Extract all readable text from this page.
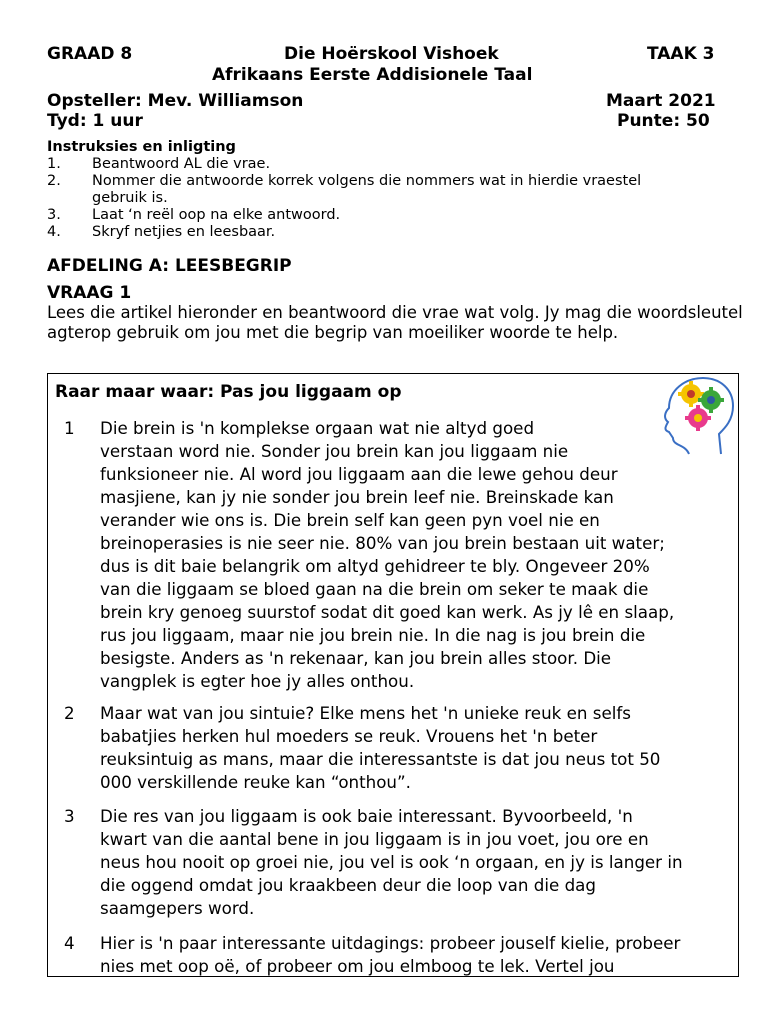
GRAAD 8	Die Hoërskool Vishoek	TAAK 3
Afrikaans Eerste Addisionele Taal
Opsteller: Mev. Williamson	Maart 2021
Tyd: 1 uur	Punte: 50
Instruksies en inligting
1. Beantwoord AL die vrae.
2. Nommer die antwoorde korrek volgens die nommers wat in hierdie vraestel gebruik is.
3. Laat ‘n reël oop na elke antwoord.
4. Skryf netjies en leesbaar.
AFDELING A: LEESBEGRIP
VRAAG 1
Lees die artikel hieronder en beantwoord die vrae wat volg. Jy mag die woordsleutel agterop gebruik om jou met die begrip van moeiliker woorde te help.
Raar maar waar: Pas jou liggaam op
1 Die brein is 'n komplekse orgaan wat nie altyd goed
verstaan word nie. Sonder jou brein kan jou liggaam nie
funksioneer nie. Al word jou liggaam aan die lewe gehou deur
masjiene, kan jy nie sonder jou brein leef nie. Breinskade kan
verander wie ons is. Die brein self kan geen pyn voel nie en
breinoperasies is nie seer nie. 80% van jou brein bestaan uit water;
dus is dit baie belangrik om altyd gehidreer te bly. Ongeveer 20%
van die liggaam se bloed gaan na die brein om seker te maak die
brein kry genoeg suurstof sodat dit goed kan werk. As jy lê en slaap,
rus jou liggaam, maar nie jou brein nie. In die nag is jou brein die
besigste. Anders as 'n rekenaar, kan jou brein alles stoor. Die
vangplek is egter hoe jy alles onthou.
2 Maar wat van jou sintuie? Elke mens het 'n unieke reuk en selfs
babatjies herken hul moeders se reuk. Vrouens het 'n beter
reuksintuig as mans, maar die interessantste is dat jou neus tot 50
000 verskillende reuke kan “onthou”.
3 Die res van jou liggaam is ook baie interessant. Byvoorbeeld, 'n
kwart van die aantal bene in jou liggaam is in jou voet, jou ore en
neus hou nooit op groei nie, jou vel is ook ‘n orgaan, en jy is langer in
die oggend omdat jou kraakbeen deur die loop van die dag
saamgepers word.
4 Hier is 'n paar interessante uitdagings: probeer jouself kielie, probeer
nies met oop oë, of probeer om jou elmboog te lek. Vertel jou
